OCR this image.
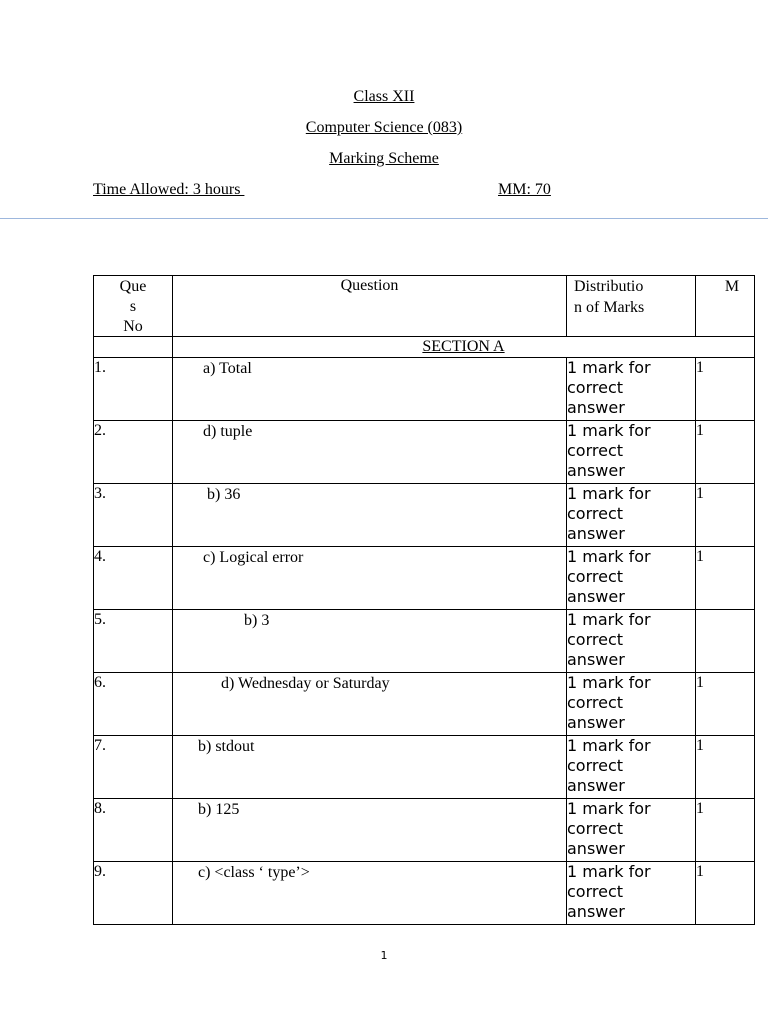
Class XII
Computer Science (083)
Marking Scheme
Time Allowed: 3 hours	MM: 70
Que
s
No	Question	Distributio
n of Marks	M

	SECTION A		
1.	a) Total	1 mark for
correct
answer	1
2.	d) tuple	1 mark for
correct
answer	1
3.	b) 36	1 mark for
correct
answer	1
4.	c) Logical error	1 mark for
correct
answer	1
5.	b) 3	1 mark for
correct
answer	

6.	d) Wednesday or Saturday	1 mark for
correct
answer	1
7.	b) stdout	1 mark for
correct
answer	1
8.	b) 125	1 mark for
correct
answer	1
9.	c) <class ‘ type’>	1 mark for
correct
answer	1
1
